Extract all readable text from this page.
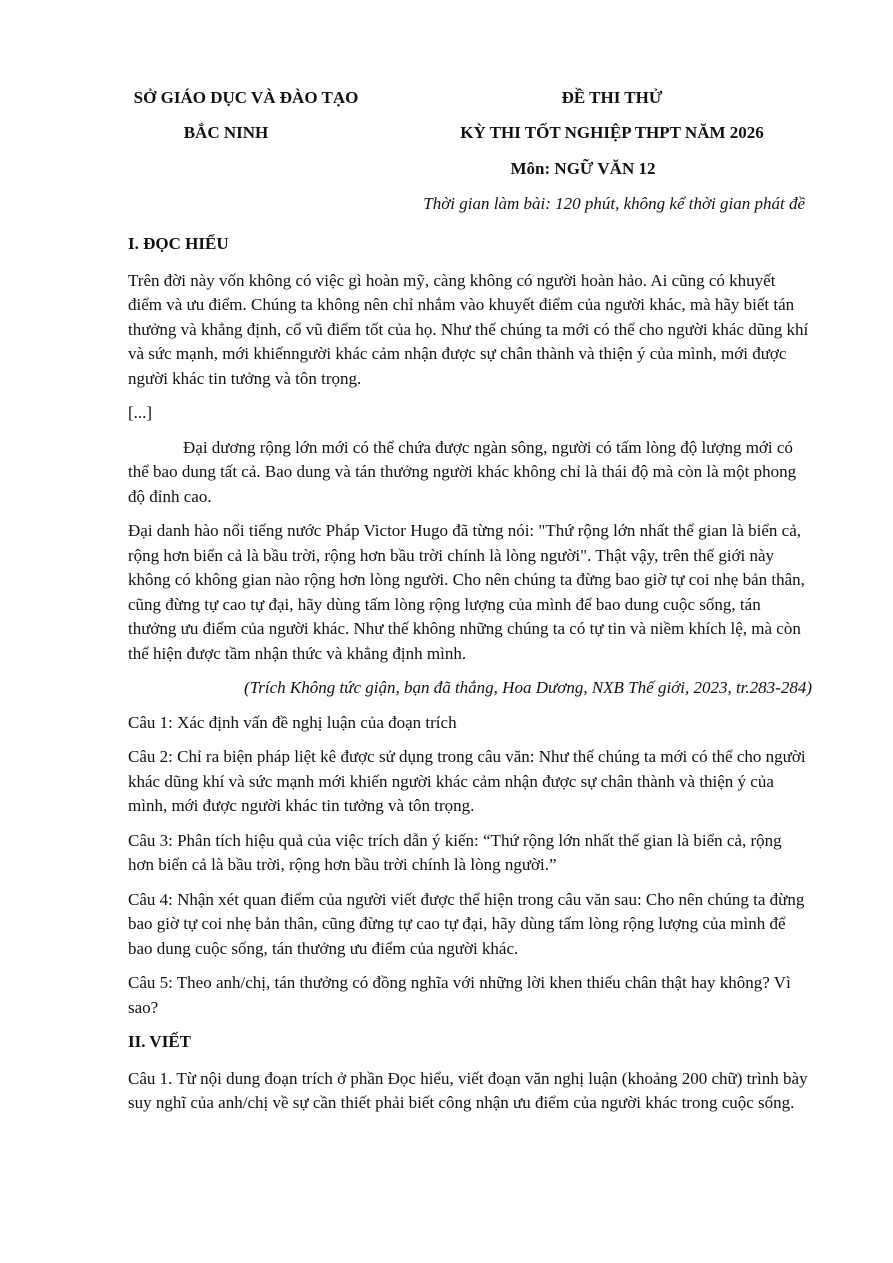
SỞ GIÁO DỤC VÀ ĐÀO TẠO
BẮC NINH
ĐỀ THI THỬ
KỲ THI TỐT NGHIỆP THPT NĂM 2026
Môn: NGỮ VĂN 12
Thời gian làm bài: 120 phút, không kể thời gian phát đề

I. ĐỌC HIỂU

Trên đời này vốn không có việc gì hoàn mỹ, càng không có người hoàn hảo. Ai cũng có khuyết điểm và ưu điểm. Chúng ta không nên chỉ nhắm vào khuyết điểm của người khác, mà hãy biết tán thưởng và khẳng định, cổ vũ điểm tốt của họ. Như thế chúng ta mới có thể cho người khác dũng khí và sức mạnh, mới khiếnngười khác cảm nhận được sự chân thành và thiện ý của mình, mới được người khác tin tưởng và tôn trọng.

[...]

Đại dương rộng lớn mới có thể chứa được ngàn sông, người có tấm lòng độ lượng mới có thể bao dung tất cả. Bao dung và tán thưởng người khác không chỉ là thái độ mà còn là một phong độ đỉnh cao.

Đại danh hào nổi tiếng nước Pháp Victor Hugo đã từng nói: "Thứ rộng lớn nhất thế gian là biển cả, rộng hơn biển cả là bầu trời, rộng hơn bầu trời chính là lòng người". Thật vậy, trên thế giới này không có không gian nào rộng hơn lòng người. Cho nên chúng ta đừng bao giờ tự coi nhẹ bản thân, cũng đừng tự cao tự đại, hãy dùng tấm lòng rộng lượng của mình để bao dung cuộc sống, tán thưởng ưu điểm của người khác. Như thế không những chúng ta có tự tin và niềm khích lệ, mà còn thể hiện được tầm nhận thức và khẳng định mình.

(Trích Không tức giận, bạn đã thắng, Hoa Dương, NXB Thế giới, 2023, tr.283-284)

Câu 1: Xác định vấn đề nghị luận của đoạn trích

Câu 2: Chỉ ra biện pháp liệt kê được sử dụng trong câu văn: Như thế chúng ta mới có thể cho người khác dũng khí và sức mạnh mới khiến người khác cảm nhận được sự chân thành và thiện ý của mình, mới được người khác tin tưởng và tôn trọng.

Câu 3: Phân tích hiệu quả của việc trích dẫn ý kiến: “Thứ rộng lớn nhất thế gian là biển cả, rộng hơn biển cả là bầu trời, rộng hơn bầu trời chính là lòng người.”

Câu 4: Nhận xét quan điểm của người viết được thể hiện trong câu văn sau: Cho nên chúng ta đừng bao giờ tự coi nhẹ bản thân, cũng đừng tự cao tự đại, hãy dùng tấm lòng rộng lượng của mình để bao dung cuộc sống, tán thưởng ưu điểm của người khác.

Câu 5: Theo anh/chị, tán thưởng có đồng nghĩa với những lời khen thiếu chân thật hay không? Vì sao?

II. VIẾT

Câu 1. Từ nội dung đoạn trích ở phần Đọc hiểu, viết đoạn văn nghị luận (khoảng 200 chữ) trình bày suy nghĩ của anh/chị về sự cần thiết phải biết công nhận ưu điểm của người khác trong cuộc sống.
